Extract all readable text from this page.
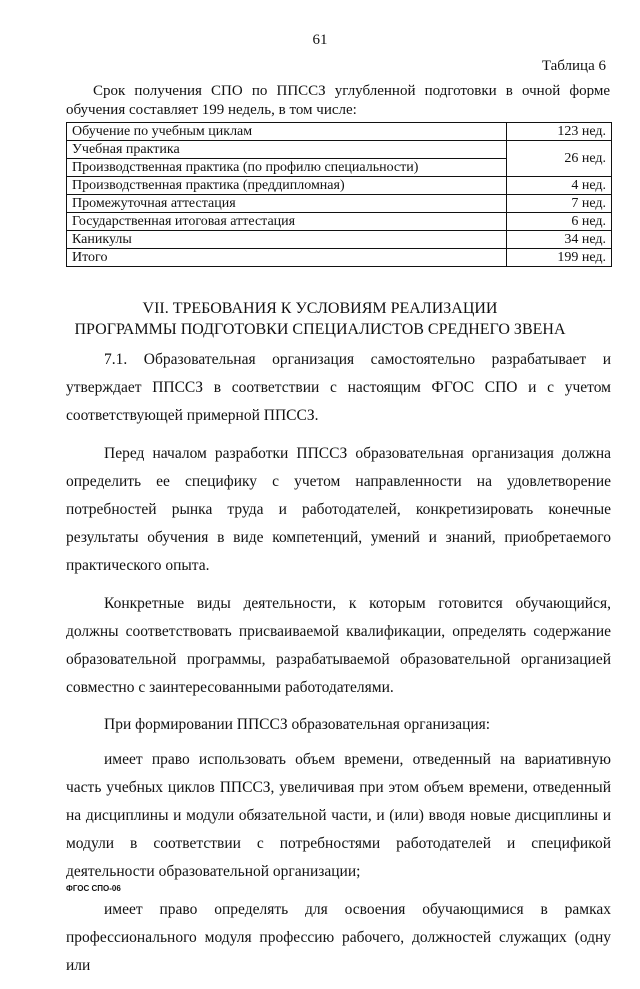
61
Таблица 6

Срок получения СПО по ППССЗ углубленной подготовки в очной форме обучения составляет 199 недель, в том числе:

Обучение по учебным циклам	123 нед.
Учебная практика	26 нед.
Производственная практика (по профилю специальности)	
Производственная практика (преддипломная)	4 нед.
Промежуточная аттестация	7 нед.
Государственная итоговая аттестация	6 нед.
Каникулы	34 нед.
Итого	199 нед.
VII. ТРЕБОВАНИЯ К УСЛОВИЯМ РЕАЛИЗАЦИИ
ПРОГРАММЫ ПОДГОТОВКИ СПЕЦИАЛИСТОВ СРЕДНЕГО ЗВЕНА

7.1. Образовательная организация самостоятельно разрабатывает и утверждает ППССЗ в соответствии с настоящим ФГОС СПО и с учетом соответствующей примерной ППССЗ.

Перед началом разработки ППССЗ образовательная организация должна определить ее специфику с учетом направленности на удовлетворение потребностей рынка труда и работодателей, конкретизировать конечные результаты обучения в виде компетенций, умений и знаний, приобретаемого практического опыта.

Конкретные виды деятельности, к которым готовится обучающийся, должны соответствовать присваиваемой квалификации, определять содержание образовательной программы, разрабатываемой образовательной организацией совместно с заинтересованными работодателями.

При формировании ППССЗ образовательная организация:

имеет право использовать объем времени, отведенный на вариативную часть учебных циклов ППССЗ, увеличивая при этом объем времени, отведенный на дисциплины и модули обязательной части, и (или) вводя новые дисциплины и модули в соответствии с потребностями работодателей и спецификой деятельности образовательной организации;

имеет право определять для освоения обучающимися в рамках профессионального модуля профессию рабочего, должностей служащих (одну или

ФГОС СПО-06
